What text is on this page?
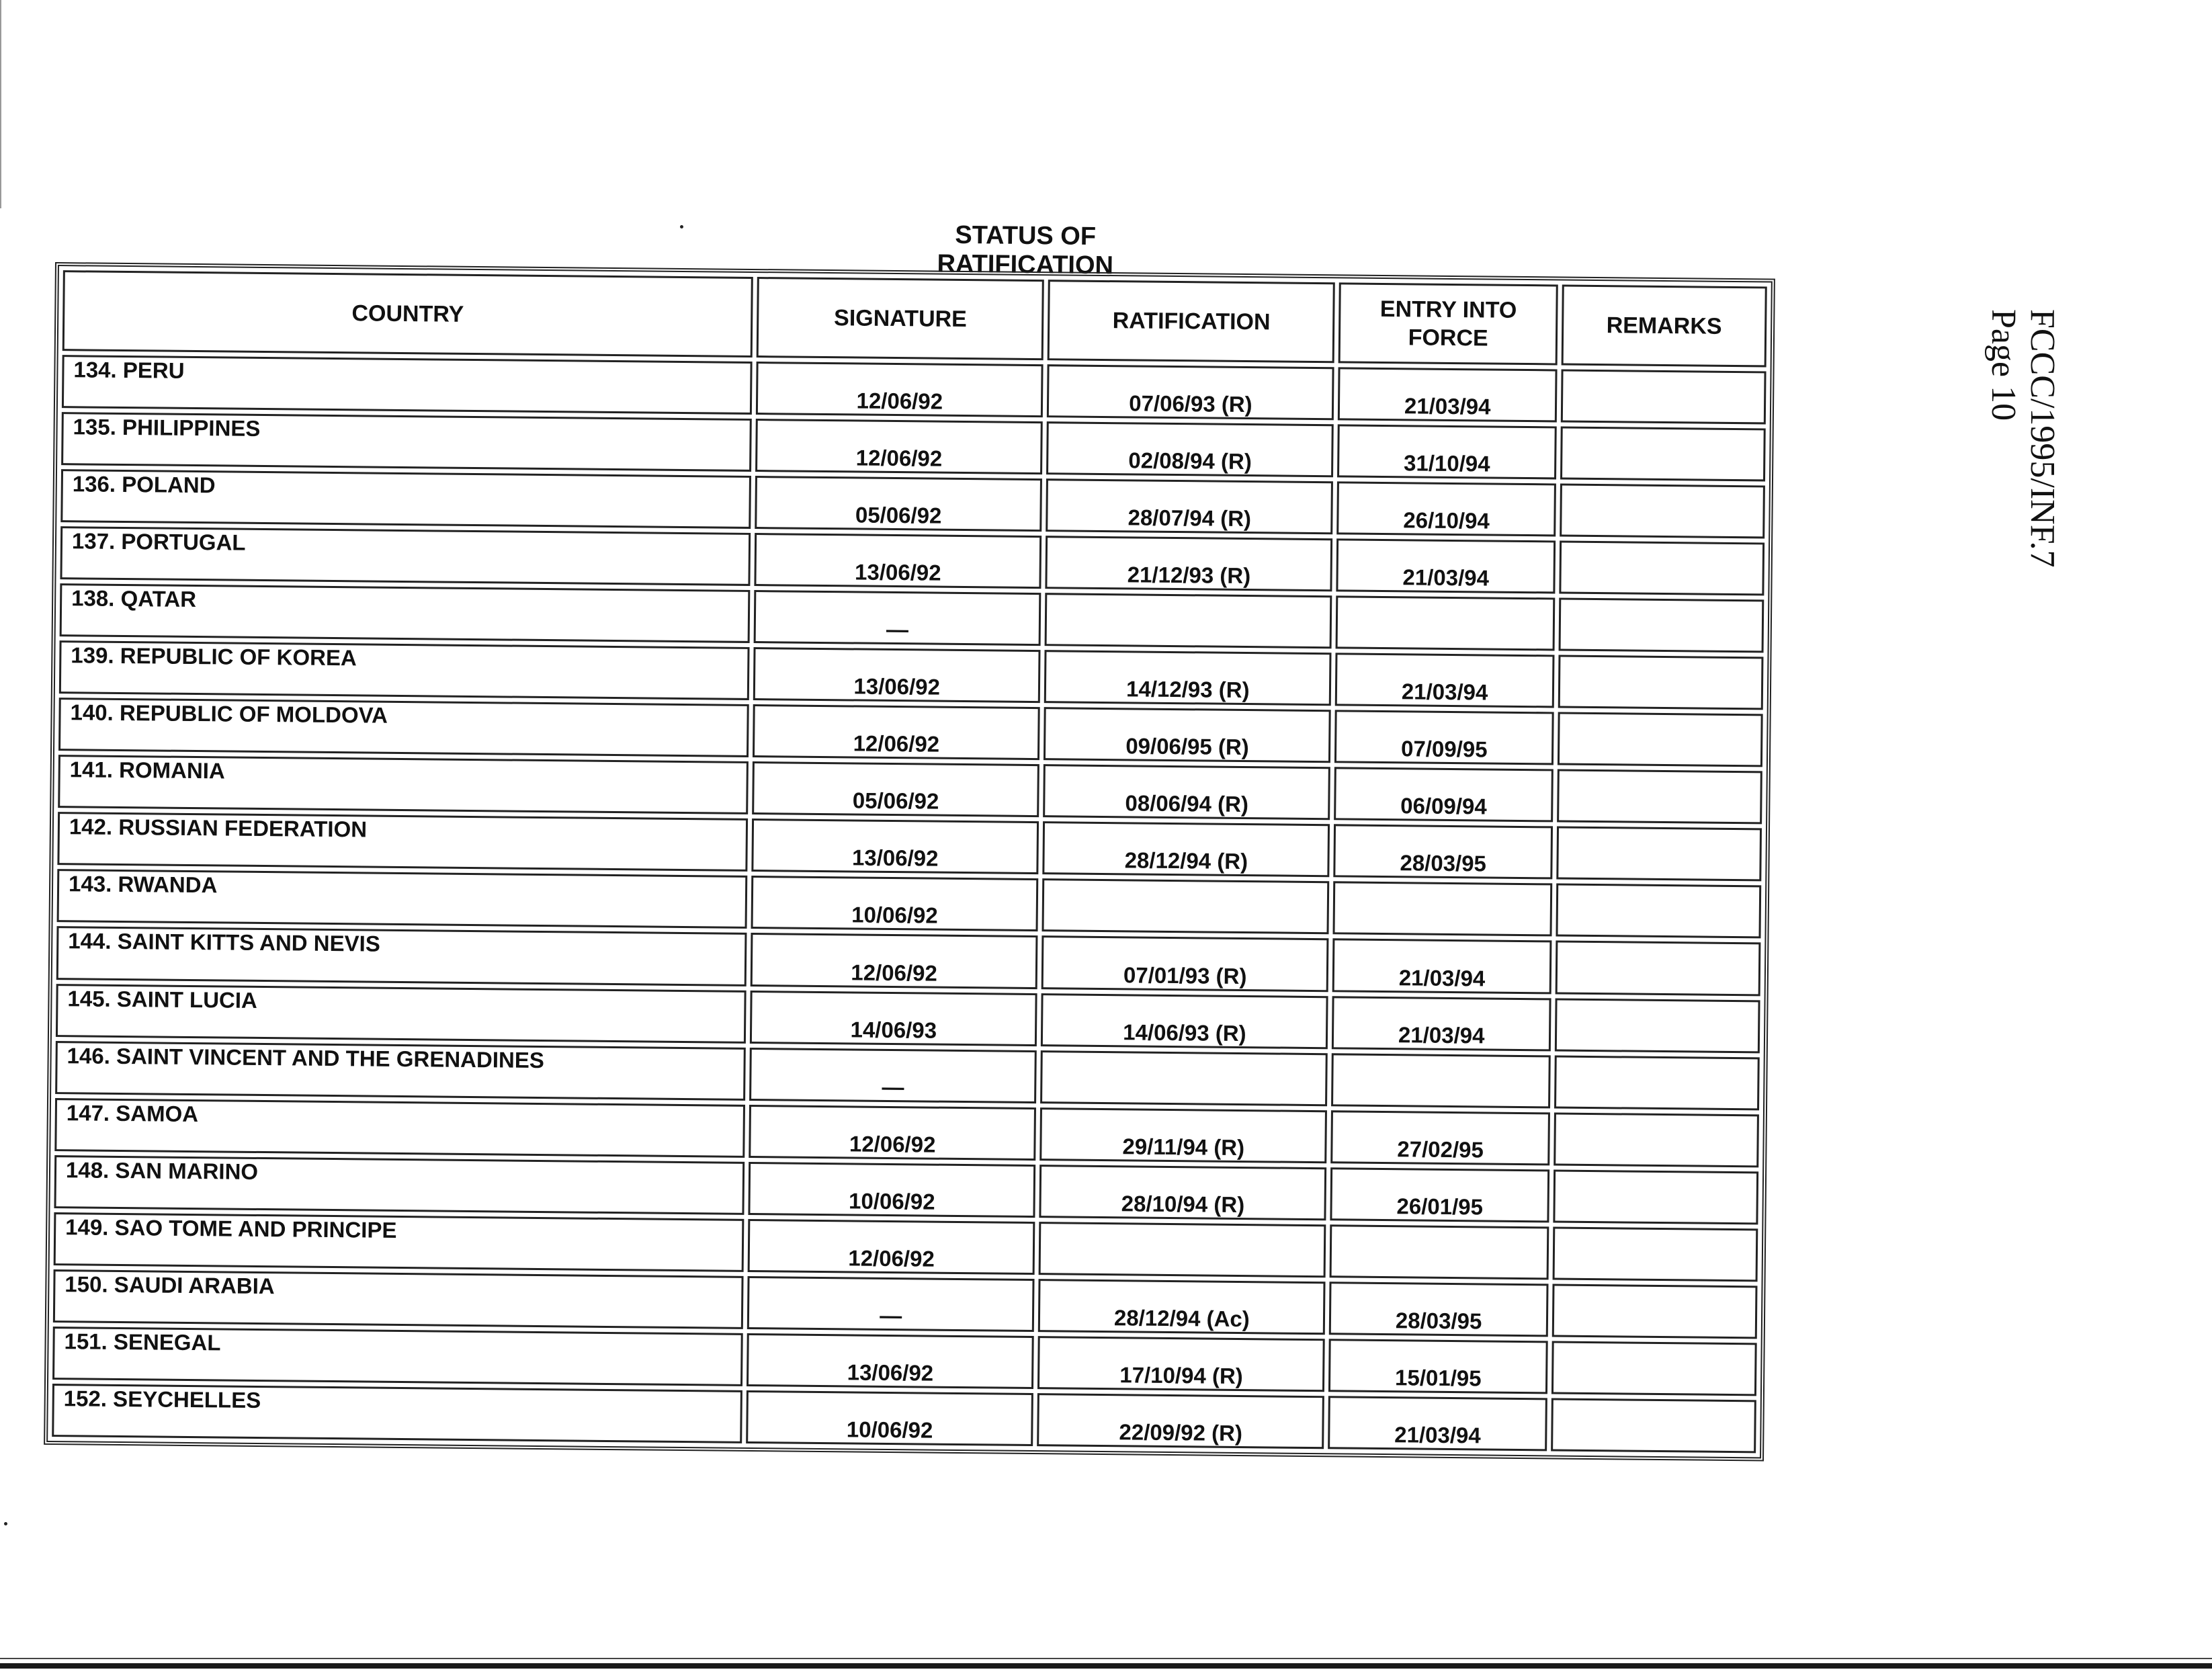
STATUS OF RATIFICATION
FCCC/1995/INF.7
Page 10
COUNTRY	SIGNATURE	RATIFICATION	ENTRY INTO FORCE	REMARKS
134. PERU	12/06/92	07/06/93 (R)	21/03/94	
135. PHILIPPINES	12/06/92	02/08/94 (R)	31/10/94	
136. POLAND	05/06/92	28/07/94 (R)	26/10/94	
137. PORTUGAL	13/06/92	21/12/93 (R)	21/03/94	
138. QATAR	—			
139. REPUBLIC OF KOREA	13/06/92	14/12/93 (R)	21/03/94	
140. REPUBLIC OF MOLDOVA	12/06/92	09/06/95 (R)	07/09/95	
141. ROMANIA	05/06/92	08/06/94 (R)	06/09/94	
142. RUSSIAN FEDERATION	13/06/92	28/12/94 (R)	28/03/95	
143. RWANDA	10/06/92			
144. SAINT KITTS AND NEVIS	12/06/92	07/01/93 (R)	21/03/94	
145. SAINT LUCIA	14/06/93	14/06/93 (R)	21/03/94	
146. SAINT VINCENT AND THE GRENADINES	—			
147. SAMOA	12/06/92	29/11/94 (R)	27/02/95	
148. SAN MARINO	10/06/92	28/10/94 (R)	26/01/95	
149. SAO TOME AND PRINCIPE	12/06/92			
150. SAUDI ARABIA	—	28/12/94 (Ac)	28/03/95	
151. SENEGAL	13/06/92	17/10/94 (R)	15/01/95	
152. SEYCHELLES	10/06/92	22/09/92 (R)	21/03/94	
